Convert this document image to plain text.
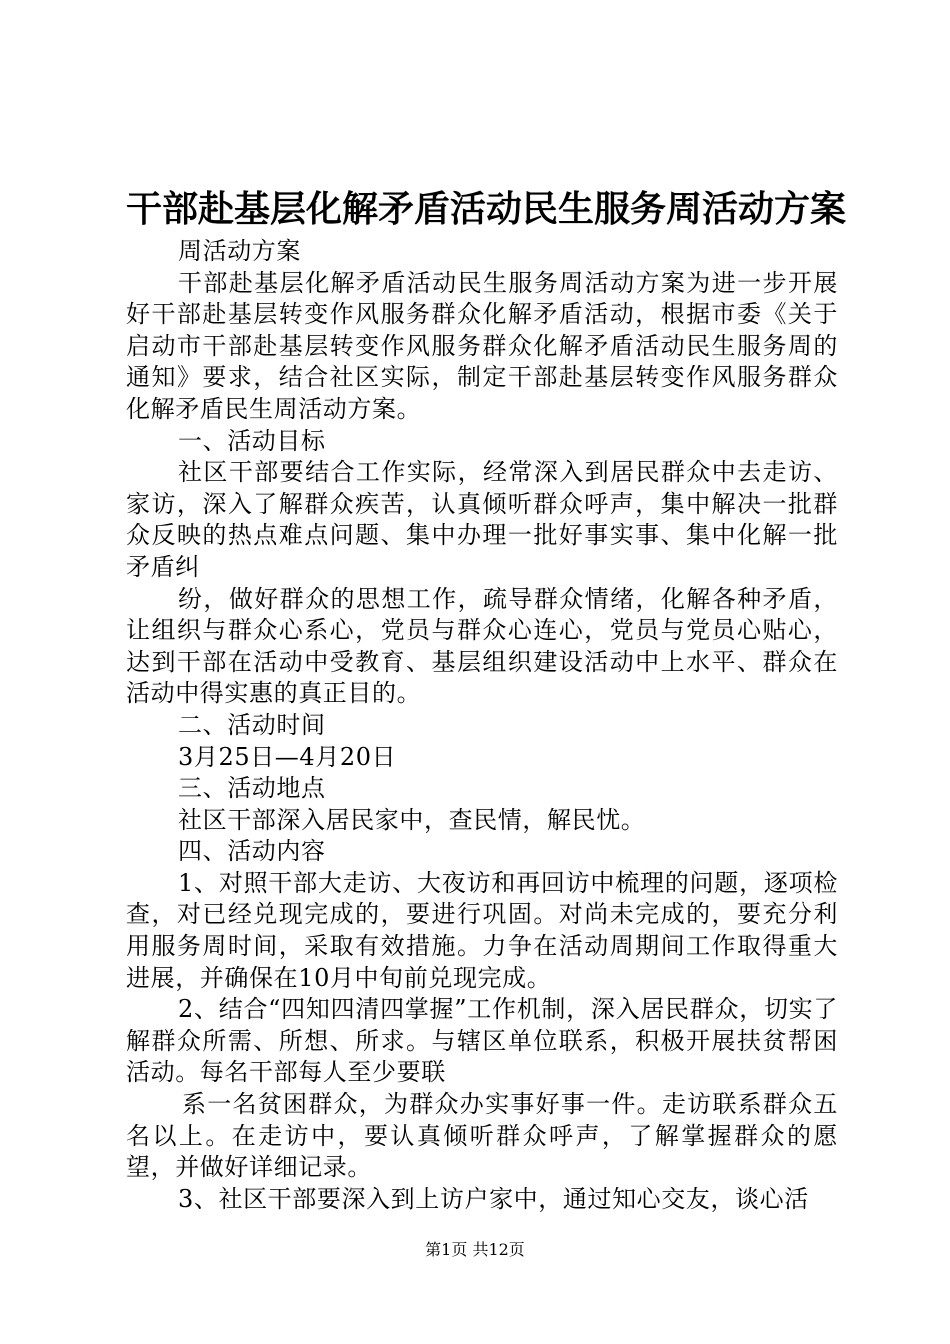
干部赴基层化解矛盾活动民生服务周活动方案

周活动方案

干部赴基层化解矛盾活动民生服务周活动方案为进一步开展好干部赴基层转变作风服务群众化解矛盾活动，根据市委《关于启动市干部赴基层转变作风服务群众化解矛盾活动民生服务周的通知》要求，结合社区实际，制定干部赴基层转变作风服务群众化解矛盾民生周活动方案。

一、活动目标

社区干部要结合工作实际，经常深入到居民群众中去走访、家访，深入了解群众疾苦，认真倾听群众呼声，集中解决一批群众反映的热点难点问题、集中办理一批好事实事、集中化解一批矛盾纠

纷，做好群众的思想工作，疏导群众情绪，化解各种矛盾，让组织与群众心系心，党员与群众心连心，党员与党员心贴心，达到干部在活动中受教育、基层组织建设活动中上水平、群众在活动中得实惠的真正目的。

二、活动时间

3月25日—4月20日

三、活动地点

社区干部深入居民家中，查民情，解民忧。

四、活动内容

1、对照干部大走访、大夜访和再回访中梳理的问题，逐项检查，对已经兑现完成的，要进行巩固。对尚未完成的，要充分利用服务周时间，采取有效措施。力争在活动周期间工作取得重大进展，并确保在10月中旬前兑现完成。

2、结合“四知四清四掌握”工作机制，深入居民群众，切实了解群众所需、所想、所求。与辖区单位联系，积极开展扶贫帮困活动。每名干部每人至少要联

系一名贫困群众，为群众办实事好事一件。走访联系群众五名以上。在走访中，要认真倾听群众呼声，了解掌握群众的愿望，并做好详细记录。

3、社区干部要深入到上访户家中，通过知心交友，谈心活

第1页 共12页
